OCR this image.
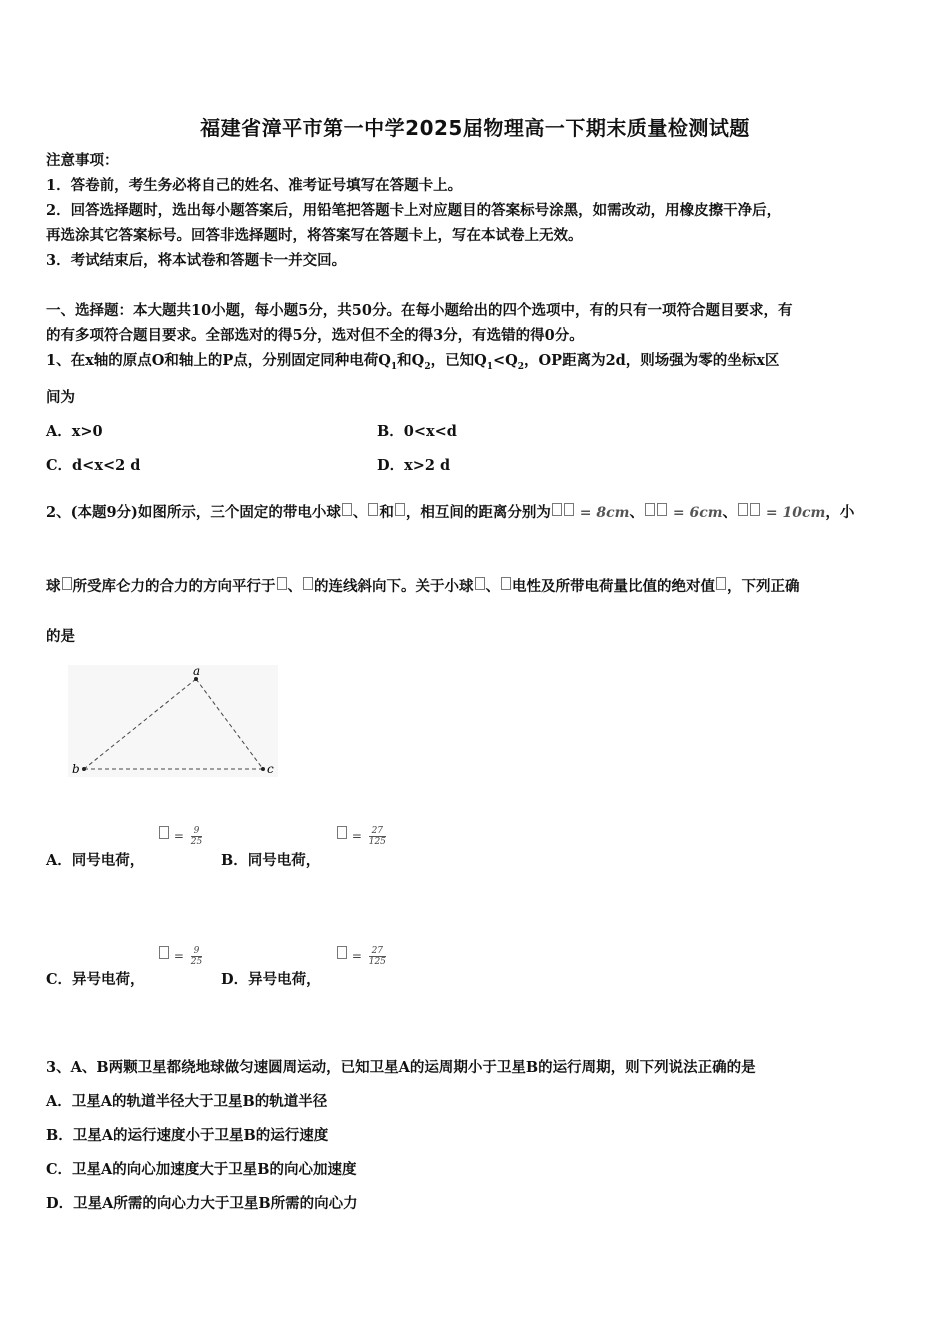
福建省漳平市第一中学2025届物理高一下期末质量检测试题
注意事项：
1．答卷前，考生务必将自己的姓名、准考证号填写在答题卡上。
2．回答选择题时，选出每小题答案后，用铅笔把答题卡上对应题目的答案标号涂黑，如需改动，用橡皮擦干净后，
再选涂其它答案标号。回答非选择题时，将答案写在答题卡上，写在本试卷上无效。
3．考试结束后，将本试卷和答题卡一并交回。
一、选择题：本大题共10小题，每小题5分，共50分。在每小题给出的四个选项中，有的只有一项符合题目要求，有
的有多项符合题目要求。全部选对的得5分，选对但不全的得3分，有选错的得0分。
1、在x轴的原点O和轴上的P点，分别固定同种电荷$Q_1$和$Q_2$，已知$Q_1<Q_2$，OP距离为2d，则场强为零的坐标x区
间为
A．x>0	B．0<x<d
C．d<x<2 d	D．x>2 d
2、(本题9分)如图所示，三个固定的带电小球 、 和 ，相互间的距离分别为 = 8cm、 = 6cm、 = 10cm，小
球 所受库仑力的合力的方向平行于 、 的连线斜向下。关于小球 、 电性及所带电荷量比值的绝对值 ，下列正确
的是
a
b	c
A．同号电荷，
= $\frac{9}{25}$
B．同号电荷，
= $\frac{27}{125}$
C．异号电荷，
= $\frac{9}{25}$
D．异号电荷，
= $\frac{27}{125}$
3、A、B两颗卫星都绕地球做匀速圆周运动，已知卫星A的运周期小于卫星B的运行周期，则下列说法正确的是
A．卫星A的轨道半径大于卫星B的轨道半径
B．卫星A的运行速度小于卫星B的运行速度
C．卫星A的向心加速度大于卫星B的向心加速度
D．卫星A所需的向心力大于卫星B所需的向心力
